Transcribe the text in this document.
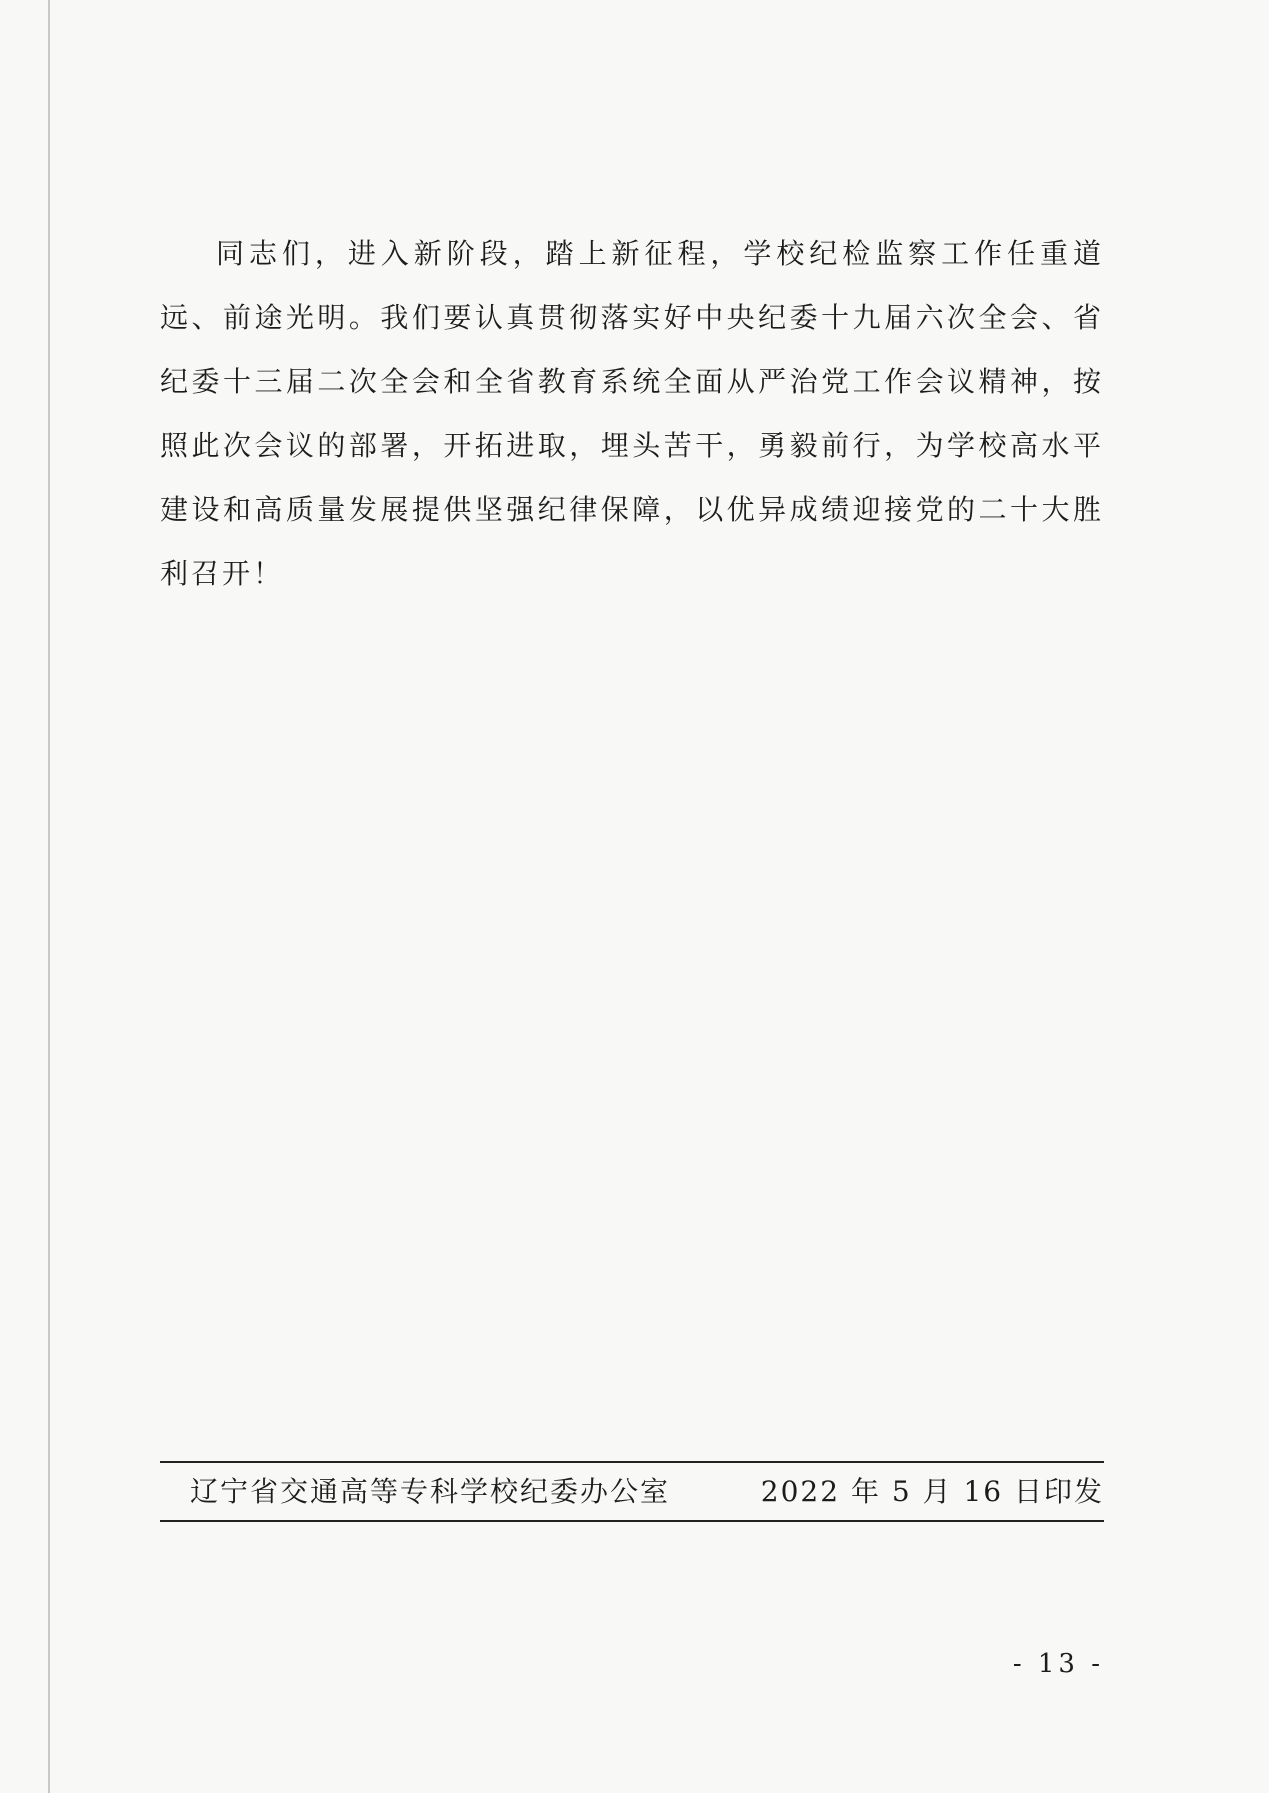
同志们，进入新阶段，踏上新征程，学校纪检监察工作任重道远、前途光明。我们要认真贯彻落实好中央纪委十九届六次全会、省纪委十三届二次全会和全省教育系统全面从严治党工作会议精神，按照此次会议的部署，开拓进取，埋头苦干，勇毅前行，为学校高水平建设和高质量发展提供坚强纪律保障，以优异成绩迎接党的二十大胜利召开！

辽宁省交通高等专科学校纪委办公室	2022 年 5 月 16 日印发
- 13 -
